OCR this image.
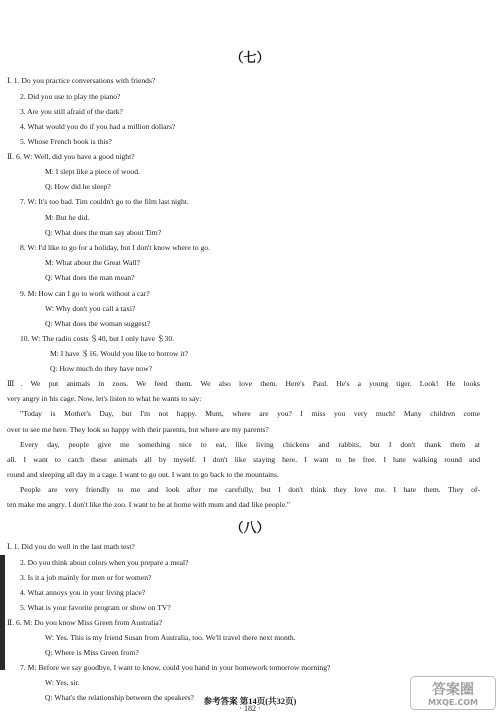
（七）
Ⅰ. 1. Do you practice conversations with friends?
2. Did you use to play the piano?
3. Are you still afraid of the dark?
4. What would you do if you had a million dollars?
5. Whose French book is this?
Ⅱ. 6. W: Well, did you have a good night?
M: I slept like a piece of wood.
Q: How did he sleep?
7. W: It's too bad. Tim couldn't go to the film last night.
M: But he did.
Q: What does the man say about Tim?
8. W: I'd like to go for a holiday, but I don't know where to go.
M: What about the Great Wall?
Q: What does the man mean?
9. M: How can I go to work without a car?
W: Why don't you call a taxi?
Q: What does the woman suggest?
10. W: The radio costs ＄40, but I only have ＄30.
M: I have ＄16. Would you like to borrow it?
Q: How much do they have now?
Ⅲ. We put animals in zoos. We feed them. We also love them. Here's Paul. He's a young tiger. Look! He looks
very angry in his cage. Now, let's listen to what he wants to say:
"Today is Mother's Day, but I'm not happy. Mum, where are you? I miss you very much! Many children come
over to see me here. They look so happy with their parents, but where are my parents?
Every day, people give me something nice to eat, like living chickens and rabbits, but I don't thank them at
all. I want to catch these animals all by myself. I don't like staying here. I want to be free. I hate walking round and
round and sleeping all day in a cage. I want to go out. I want to go back to the mountains.
People are very friendly to me and look after me carefully, but I don't think they love me. I hate them. They of-
ten make me angry. I don't like the zoo. I want to be at home with mum and dad like people."
（八）
Ⅰ. 1. Did you do well in the last math test?
2. Do you think about colors when you prepare a meal?
3. Is it a job mainly for men or for women?
4. What annoys you in your living place?
5. What is your favorite program or show on TV?
Ⅱ. 6. M: Do you know Miss Green from Australia?
W: Yes. This is my friend Susan from Australia, too. We'll travel there next month.
Q: Where is Miss Green from?
7. M: Before we say goodbye, I want to know, could you hand in your homework tomorrow morning?
W: Yes, sir.
Q: What's the relationship between the speakers?	参考答案 第14页(共32页)
· 182 ·
答案圈
MXQE.COM
